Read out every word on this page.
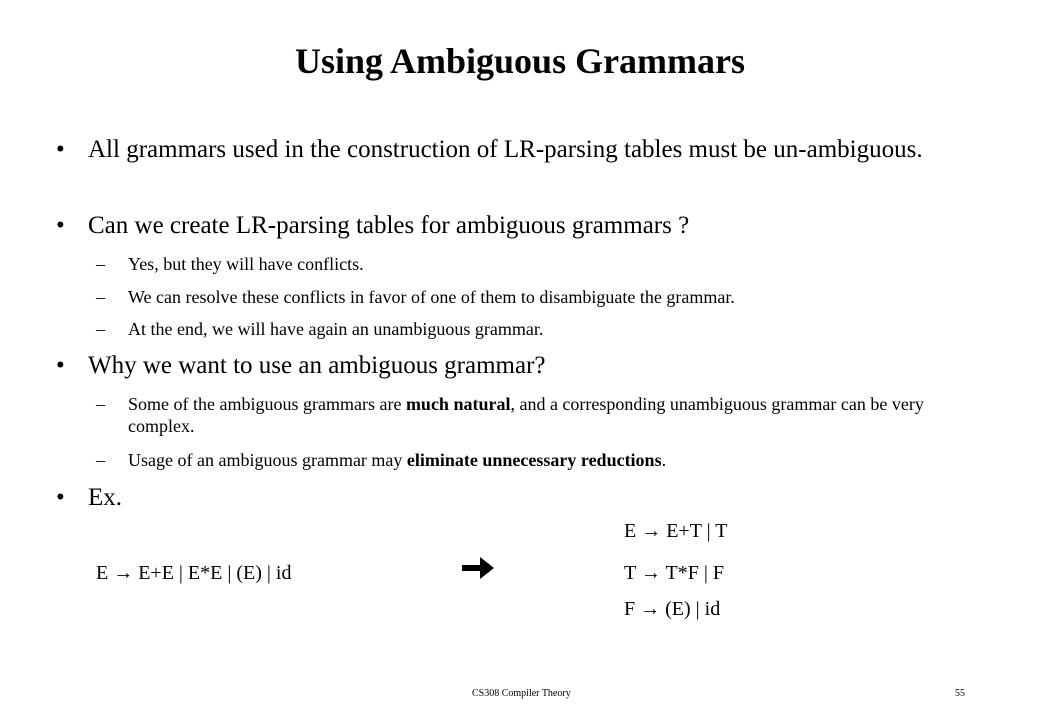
Using Ambiguous Grammars
• All grammars used in the construction of LR-parsing tables must be un-ambiguous.
• Can we create LR-parsing tables for ambiguous grammars ?
– Yes, but they will have conflicts.
– We can resolve these conflicts in favor of one of them to disambiguate the grammar.
– At the end, we will have again an unambiguous grammar.
• Why we want to use an ambiguous grammar?
– Some of the ambiguous grammars are much natural, and a corresponding unambiguous grammar can be very complex.
– Usage of an ambiguous grammar may eliminate unnecessary reductions.
• Ex.
E → E+E | E*E | (E) | id
E → E+T | T
T → T*F | F
F → (E) | id
CS308 Compiler Theory	55
